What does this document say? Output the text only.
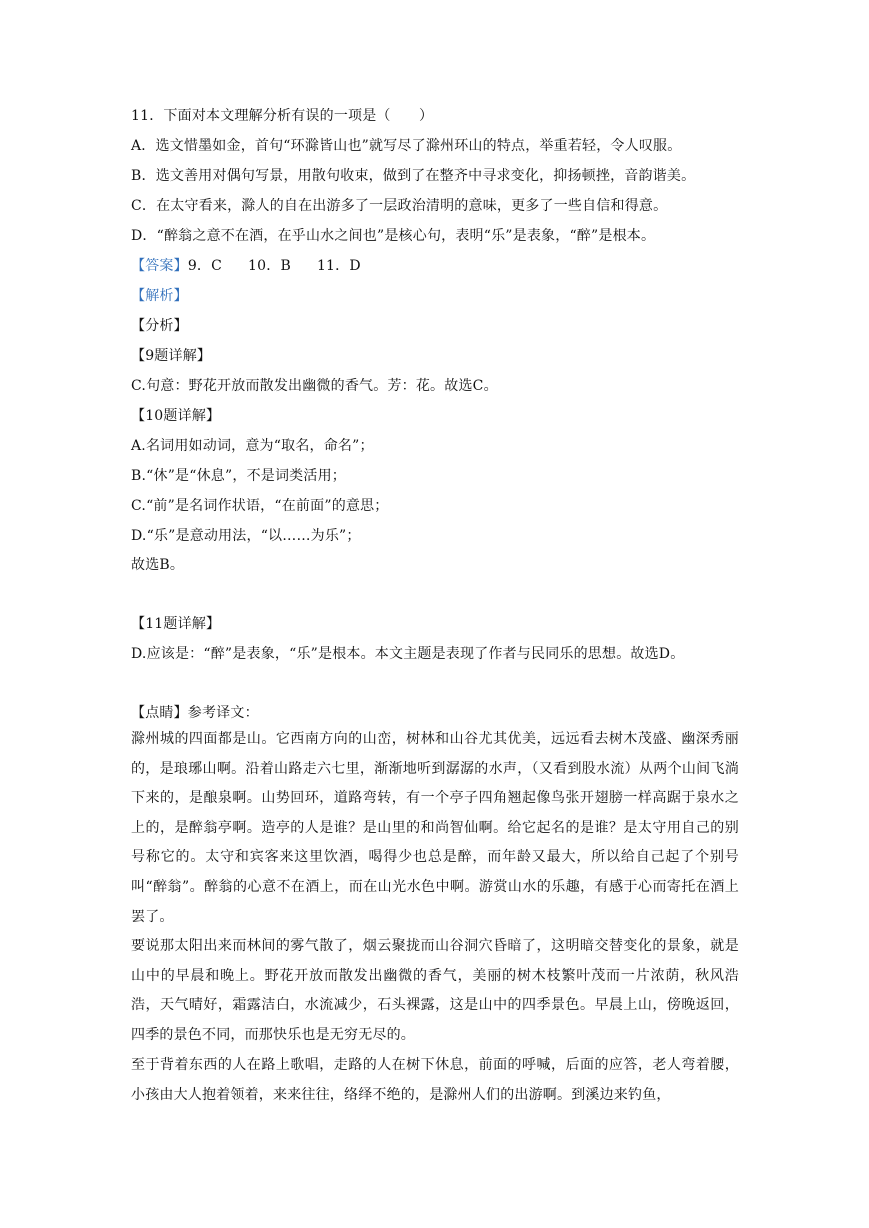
11．下面对本文理解分析有误的一项是（　　）
A．选文惜墨如金，首句“环滁皆山也”就写尽了滁州环山的特点，举重若轻，令人叹服。
B．选文善用对偶句写景，用散句收束，做到了在整齐中寻求变化，抑扬顿挫，音韵谐美。
C．在太守看来，滁人的自在出游多了一层政治清明的意味，更多了一些自信和得意。
D．“醉翁之意不在酒，在乎山水之间也”是核心句，表明“乐”是表象，“醉”是根本。
【答案】9．C 10．B 11．D
【解析】
【分析】
【9题详解】
C.句意：野花开放而散发出幽微的香气。芳：花。故选C。
【10题详解】
A.名词用如动词，意为“取名，命名”；
B.“休”是“休息”，不是词类活用；
C.“前”是名词作状语，“在前面”的意思；
D.“乐”是意动用法，“以……为乐”；
故选B。
【11题详解】
D.应该是：“醉”是表象，“乐”是根本。本文主题是表现了作者与民同乐的思想。故选D。
【点睛】参考译文：
滁州城的四面都是山。它西南方向的山峦，树林和山谷尤其优美，远远看去树木茂盛、幽深秀丽的，是琅琊山啊。沿着山路走六七里，渐渐地听到潺潺的水声，（又看到股水流）从两个山间飞淌下来的，是酿泉啊。山势回环，道路弯转，有一个亭子四角翘起像鸟张开翅膀一样高踞于泉水之上的，是醉翁亭啊。造亭的人是谁？是山里的和尚智仙啊。给它起名的是谁？是太守用自己的别号称它的。太守和宾客来这里饮酒，喝得少也总是醉，而年龄又最大，所以给自己起了个别号叫“醉翁”。醉翁的心意不在酒上，而在山光水色中啊。游赏山水的乐趣，有感于心而寄托在酒上罢了。
要说那太阳出来而林间的雾气散了，烟云聚拢而山谷洞穴昏暗了，这明暗交替变化的景象，就是山中的早晨和晚上。野花开放而散发出幽微的香气，美丽的树木枝繁叶茂而一片浓荫，秋风浩浩，天气晴好，霜露洁白，水流减少，石头裸露，这是山中的四季景色。早晨上山，傍晚返回，四季的景色不同，而那快乐也是无穷无尽的。
至于背着东西的人在路上歌唱，走路的人在树下休息，前面的呼喊，后面的应答，老人弯着腰，小孩由大人抱着领着，来来往往，络绎不绝的，是滁州人们的出游啊。到溪边来钓鱼，
